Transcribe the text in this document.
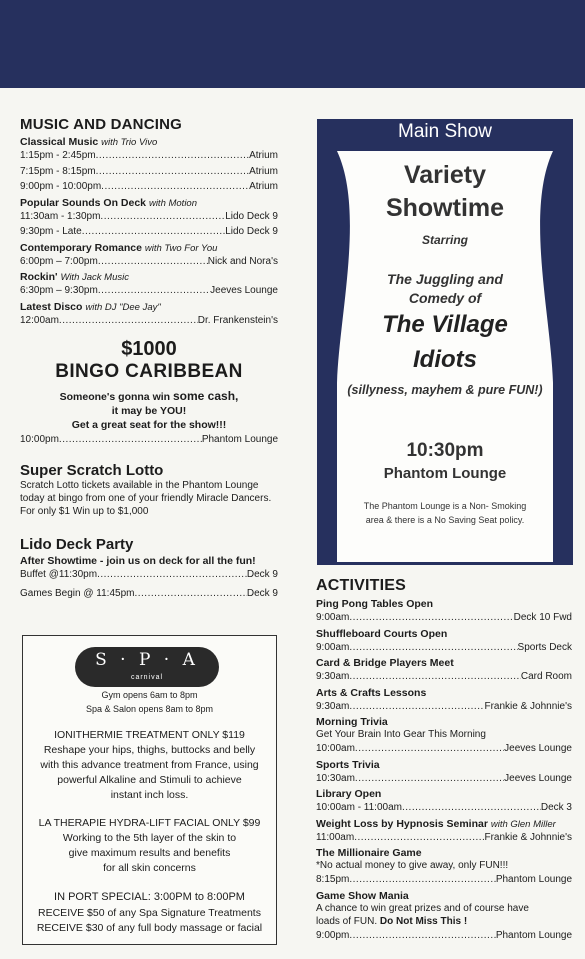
MUSIC AND DANCING
Classical Music with Trio Vivo
1:15pm - 2:45pm .....	Atrium
7:15pm - 8:15pm .....	Atrium
9:00pm - 10:00pm .....	Atrium
Popular Sounds On Deck with Motion
11:30am - 1:30pm .....	Lido Deck 9
9:30pm - Late .....	Lido Deck 9
Contemporary Romance with Two For You
6:00pm – 7:00pm .....	Nick and Nora's
Rockin' With Jack Music
6:30pm – 9:30pm .....	Jeeves Lounge
Latest Disco with DJ "Dee Jay"
12:00am .....	Dr. Frankenstein's
$1000
BINGO CARIBBEAN
Someone's gonna win some cash,
it may be YOU!
Get a great seat for the show!!!
10:00pm .....	Phantom Lounge
Super Scratch Lotto
Scratch Lotto tickets available in the Phantom Lounge
today at bingo from one of your friendly Miracle Dancers.
For only $1 Win up to $1,000
Lido Deck Party
After Showtime - join us on deck for all the fun!
Buffet @11:30pm .....	Deck 9
Games Begin @ 11:45pm .....	Deck 9
S · P · A
carnival
Gym opens 6am to 8pm
Spa & Salon opens 8am to 8pm
IONITHERMIE TREATMENT ONLY $119
Reshape your hips, thighs, buttocks and belly
with this advance treatment from France, using
powerful Alkaline and Stimuli to achieve
instant inch loss.
LA THERAPIE HYDRA-LIFT FACIAL ONLY $99
Working to the 5th layer of the skin to
give maximum results and benefits
for all skin concerns
IN PORT SPECIAL: 3:00PM to 8:00PM
RECEIVE $50 of any Spa Signature Treatments
RECEIVE $30 of any full body massage or facial
Main Show
Variety
Showtime
Starring
The Juggling and
Comedy of
The Village
Idiots
(sillyness, mayhem & pure FUN!)
10:30pm
Phantom Lounge
The Phantom Lounge is a Non- Smoking
area & there is a No Saving Seat policy.
ACTIVITIES
Ping Pong Tables Open
9:00am .....	Deck 10 Fwd
Shuffleboard Courts Open
9:00am .....	Sports Deck
Card & Bridge Players Meet
9:30am .....	Card Room
Arts & Crafts Lessons
9:30am .....	Frankie & Johnnie's
Morning Trivia
Get Your Brain Into Gear This Morning
10:00am .....	Jeeves Lounge
Sports Trivia
10:30am .....	Jeeves Lounge
Library Open
10:00am - 11:00am .....	Deck 3
Weight Loss by Hypnosis Seminar with Glen Miller
11:00am .....	Frankie & Johnnie's
The Millionaire Game
*No actual money to give away, only FUN!!!
8:15pm .....	Phantom Lounge
Game Show Mania
A chance to win great prizes and of course have
loads of FUN. Do Not Miss This !
9:00pm .....	Phantom Lounge
